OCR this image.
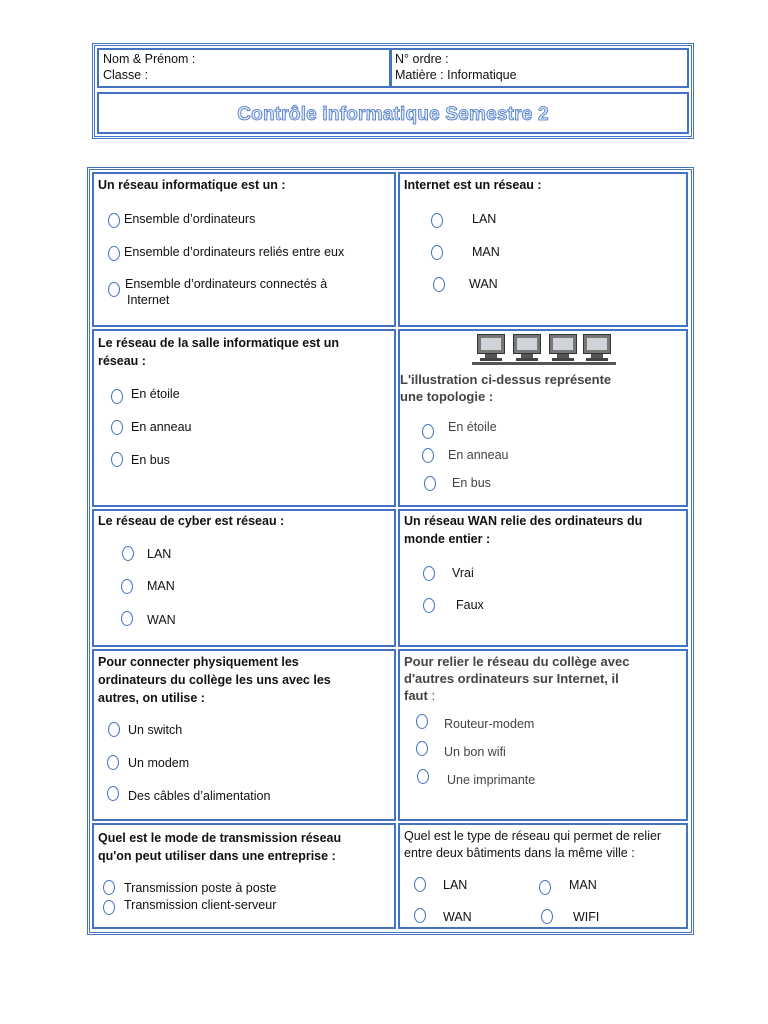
Nom & Prénom :
Classe :
N° ordre :
Matière : Informatique
Contrôle informatique Semestre 2
Un réseau informatique est un :
Ensemble d’ordinateurs
Ensemble d’ordinateurs reliés entre eux
Ensemble d’ordinateurs connectés à
Internet
Internet est un réseau :
LAN
MAN
WAN
Le réseau de la salle informatique est un
réseau :
En étoile
En anneau
En bus
L'illustration ci-dessus représente
une topologie :
En étoile
En anneau
En bus
Le réseau de cyber est réseau :
LAN
MAN
WAN
Un réseau WAN relie des ordinateurs du
monde entier :
Vrai
Faux
Pour connecter physiquement les
ordinateurs du collège les uns avec les
autres, on utilise :
Un switch
Un modem
Des câbles d’alimentation
Pour relier le réseau du collège avec
d'autres ordinateurs sur Internet, il
faut :
Routeur-modem
Un bon wifi
Une imprimante
Quel est le mode de transmission réseau
qu'on peut utiliser dans une entreprise :
Transmission poste à poste
Transmission client-serveur
Quel est le type de réseau qui permet de relier
entre deux bâtiments dans la même ville :
LAN	MAN
WAN	WIFI
